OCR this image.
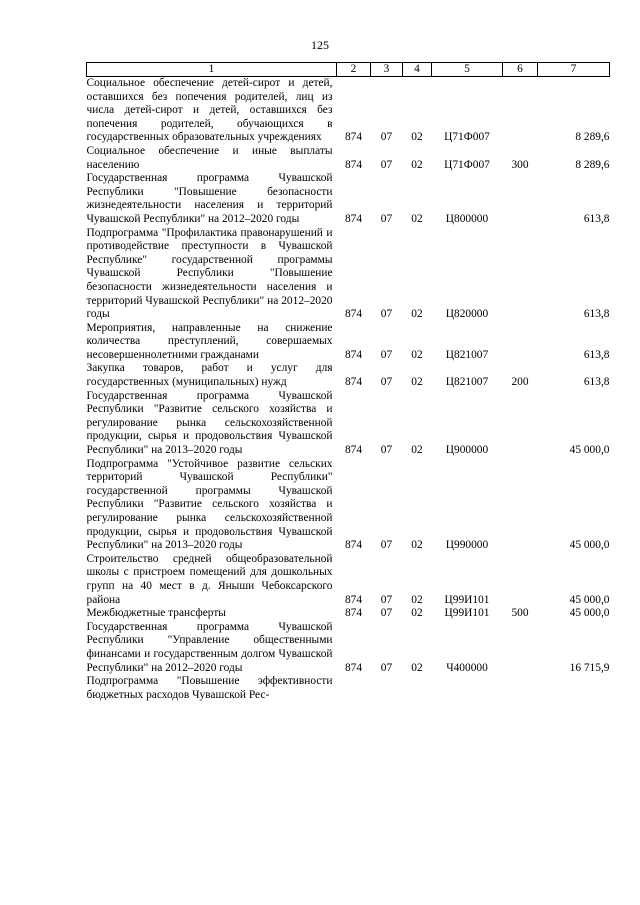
125
1	2	3	4	5	6	7
Социальное обеспечение детей-сирот и детей, оставшихся без попечения родителей, лиц из числа детей-сирот и детей, оставшихся без попечения родителей, обучающихся в государственных образовательных учреждениях	874	07	02	Ц71Ф007		8 289,6
Социальное обеспечение и иные выплаты населению	874	07	02	Ц71Ф007	300	8 289,6
Государственная программа Чувашской Республики "Повышение безопасности жизнедеятельности населения и территорий Чувашской Республики" на 2012–2020 годы	874	07	02	Ц800000		613,8
Подпрограмма "Профилактика правонарушений и противодействие преступности в Чувашской Республике" государственной программы Чувашской Республики "Повышение безопасности жизнедеятельности населения и территорий Чувашской Республики" на 2012–2020 годы	874	07	02	Ц820000		613,8
Мероприятия, направленные на снижение количества преступлений, совершаемых несовершеннолетними гражданами	874	07	02	Ц821007		613,8
Закупка товаров, работ и услуг для государственных (муниципальных) нужд	874	07	02	Ц821007	200	613,8
Государственная программа Чувашской Республики "Развитие сельского хозяйства и регулирование рынка сельскохозяйственной продукции, сырья и продовольствия Чувашской Республики" на 2013–2020 годы	874	07	02	Ц900000		45 000,0
Подпрограмма "Устойчивое развитие сельских территорий Чувашской Республики" государственной программы Чувашской Республики "Развитие сельского хозяйства и регулирование рынка сельскохозяйственной продукции, сырья и продовольствия Чувашской Республики" на 2013–2020 годы	874	07	02	Ц990000		45 000,0
Строительство средней общеобразовательной школы с пристроем помещений для дошкольных групп на 40 мест в д. Яныши Чебоксарского района	874	07	02	Ц99И101		45 000,0
Межбюджетные трансферты	874	07	02	Ц99И101	500	45 000,0
Государственная программа Чувашской Республики "Управление общественными финансами и государственным долгом Чувашской Республики" на 2012–2020 годы	874	07	02	Ч400000		16 715,9
Подпрограмма "Повышение эффективности бюджетных расходов Чувашской Рес-						
